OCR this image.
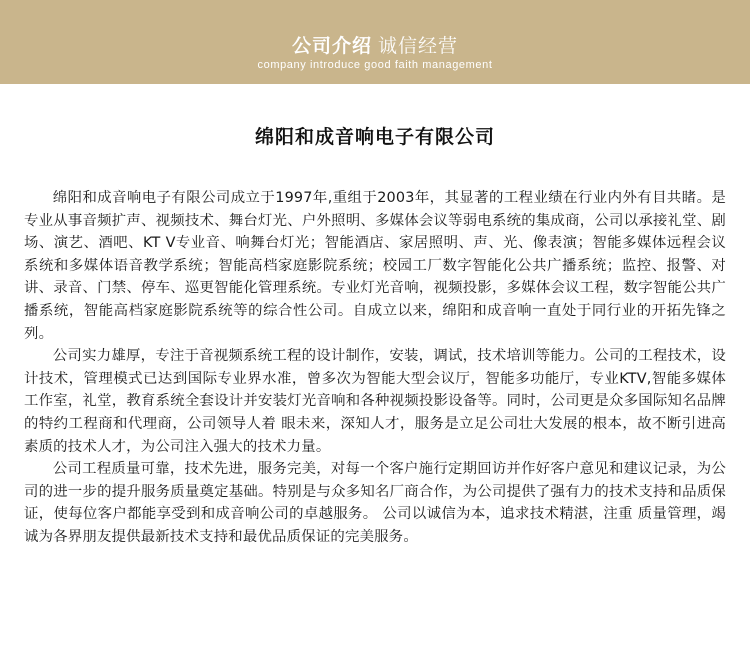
公司介绍 诚信经营
company introduce good faith management
绵阳和成音响电子有限公司

绵阳和成音响电子有限公司成立于1997年,重组于2003年，其显著的工程业绩在行业内外有目共睹。是专业从事音频扩声、视频技术、舞台灯光、户外照明、多媒体会议等弱电系统的集成商，公司以承接礼堂、剧场、演艺、酒吧、KT V专业音、响舞台灯光；智能酒店、家居照明、声、光、像表演；智能多媒体远程会议系统和多媒体语音教学系统；智能高档家庭影院系统；校园工厂数字智能化公共广播系统；监控、报警、对讲、录音、门禁、停车、巡更智能化管理系统。专业灯光音响，视频投影，多媒体会议工程，数字智能公共广播系统，智能高档家庭影院系统等的综合性公司。自成立以来，绵阳和成音响一直处于同行业的开拓先锋之列。

公司实力雄厚，专注于音视频系统工程的设计制作，安装，调试，技术培训等能力。公司的工程技术，设计技术，管理模式已达到国际专业界水准，曾多次为智能大型会议厅，智能多功能厅，专业KTV,智能多媒体工作室，礼堂，教育系统全套设计并安装灯光音响和各种视频投影设备等。同时，公司更是众多国际知名品牌的特约工程商和代理商，公司领导人着 眼未来，深知人才，服务是立足公司壮大发展的根本，故不断引进高素质的技术人才，为公司注入强大的技术力量。

公司工程质量可靠，技术先进，服务完美，对每一个客户施行定期回访并作好客户意见和建议记录，为公司的进一步的提升服务质量奠定基础。特别是与众多知名厂商合作，为公司提供了强有力的技术支持和品质保证，使每位客户都能享受到和成音响公司的卓越服务。 公司以诚信为本，追求技术精湛，注重 质量管理，竭诚为各界朋友提供最新技术支持和最优品质保证的完美服务。
